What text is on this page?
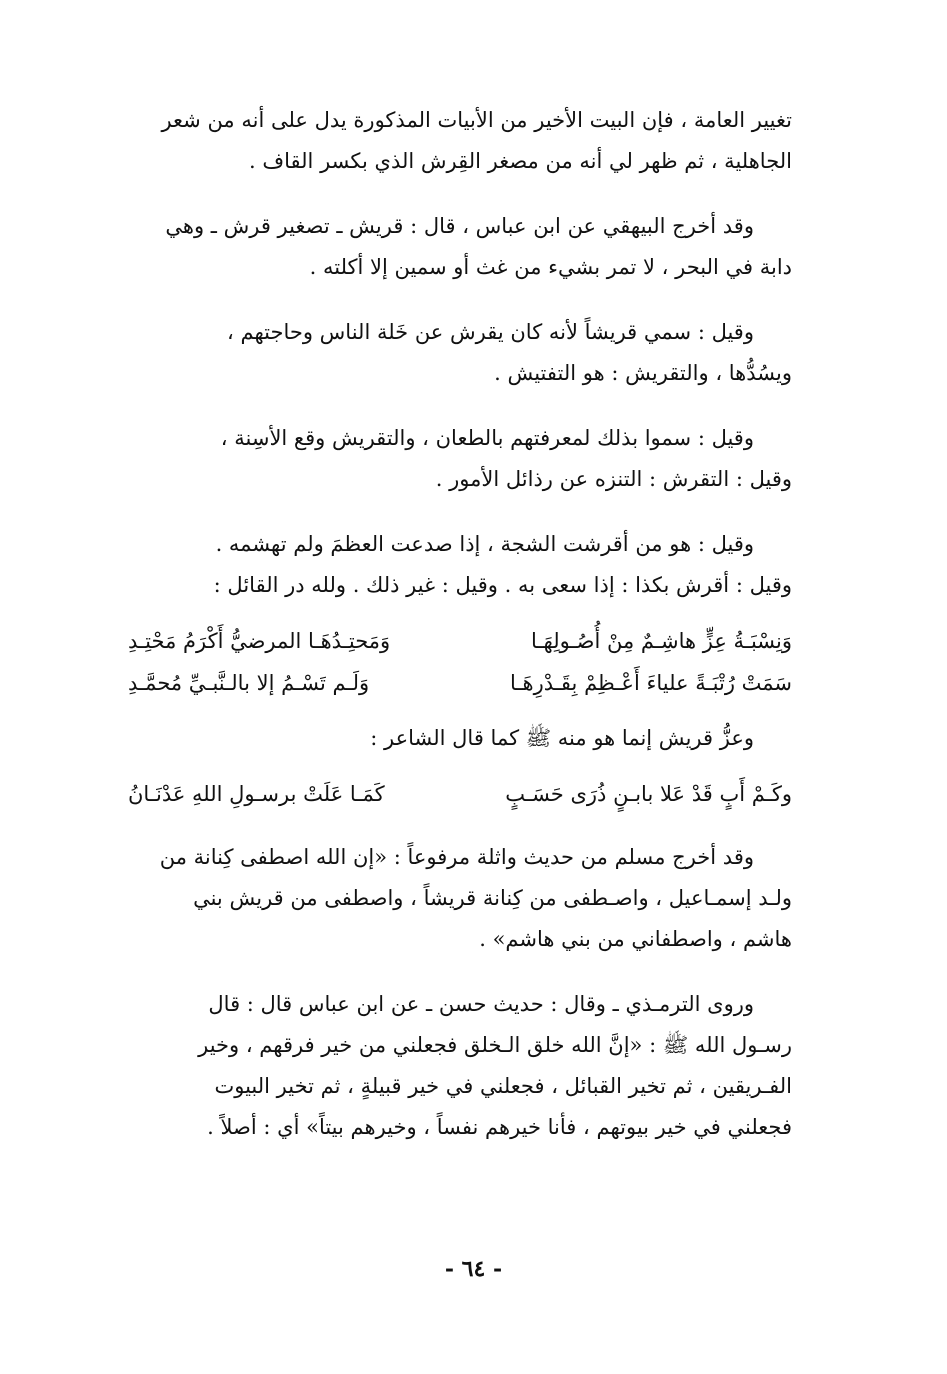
تغيير العامة ، فإن البيت الأخير من الأبيات المذكورة يدل على أنه من شعر
الجاهلية ، ثم ظهر لي أنه من مصغر القِرش الذي بكسر القاف .

وقد أخرج البيهقي عن ابن عباس ، قال : قريش ـ تصغير قرش ـ وهي
دابة في البحر ، لا تمر بشيء من غث أو سمين إلا أكلته .

وقيل : سمي قريشاً لأنه كان يقرش عن خَلة الناس وحاجتهم ،
ويسُدُّها ، والتقريش : هو التفتيش .

وقيل : سموا بذلك لمعرفتهم بالطعان ، والتقريش وقع الأسِنة ،
وقيل : التقرش : التنزه عن رذائل الأمور .

وقيل : هو من أقرشت الشجة ، إذا صدعت العظمَ ولم تهشمه .
وقيل : أقرش بكذا : إذا سعى به . وقيل : غير ذلك . ولله در القائل :

وَنِسْبَـةُ عِزٍّ هاشِـمٌ مِنْ أُصُـولِهَـا
وَمَحتِـدُهَـا المرضيُّ أَكْرَمُ مَحْتِـدِ
سَمَتْ رُتْبَـةً علياءَ أَعْـظِمْ بِقَـدْرِهَـا
وَلَـم تَسْـمُ إلا بالـنَّبـيِّ مُحمَّـدِ

وعزُّ قريش إنما هو منه ﷺ كما قال الشاعر :

وكَـمْ أَبٍ قَدْ عَلا بابـنٍ ذُرَى حَسَـبٍ
كَمَـا عَلَتْ برسـولِ اللهِ عَدْنَـانُ

وقد أخرج مسلم من حديث واثلة مرفوعاً : «إن الله اصطفى كِنانة من
ولـد إسمـاعيل ، واصـطفى من كِنانة قريشاً ، واصطفى من قريش بني
هاشم ، واصطفاني من بني هاشم» .

وروى الترمـذي ـ وقال : حديث حسن ـ عن ابن عباس قال : قال
رسـول الله ﷺ : «إنَّ الله خلق الـخلق فجعلني من خير فرقهم ، وخير
الفـريقين ، ثم تخير القبائل ، فجعلني في خير قبيلةٍ ، ثم تخير البيوت
فجعلني في خير بيوتهم ، فأنا خيرهم نفساً ، وخيرهم بيتاً» أي : أصلاً .

- ٦٤ -
